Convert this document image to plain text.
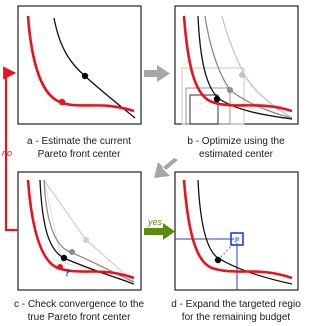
a - Estimate the current
Pareto front center
b - Optimize using the
estimated center
?
c - Check convergence to the
true Pareto front center
d - Expand the targeted regio
for the remaining budget
no
yes
